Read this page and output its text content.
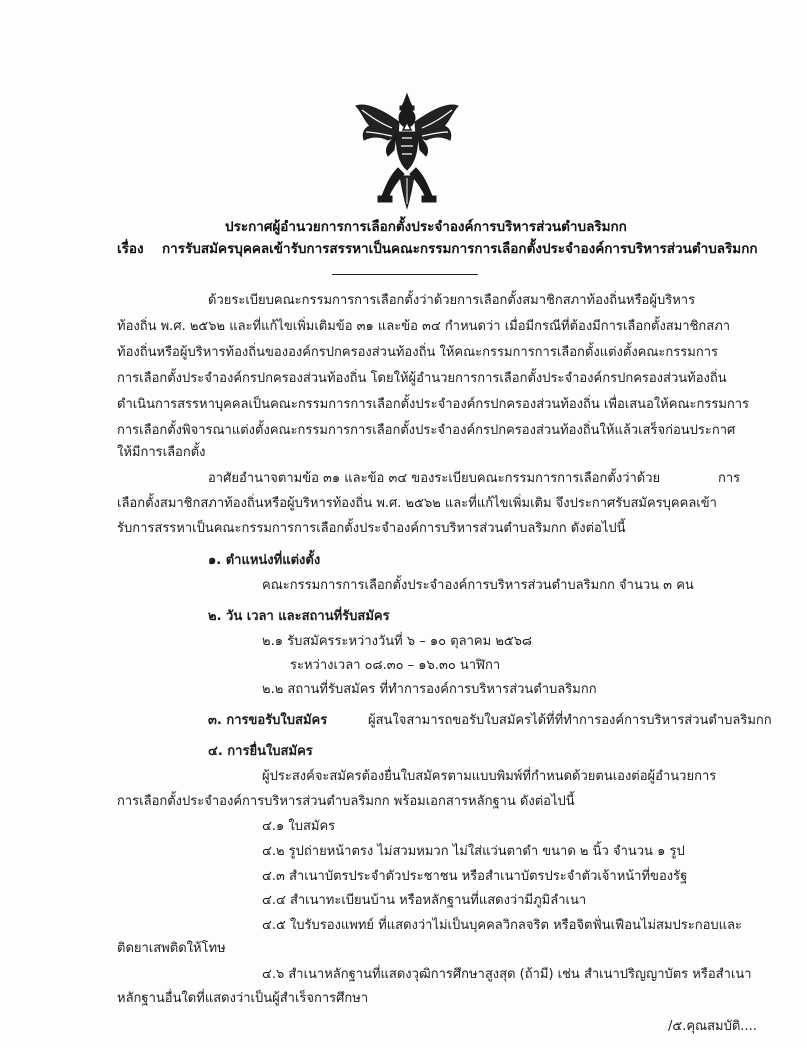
ประกาศผู้อำนวยการการเลือกตั้งประจำองค์การบริหารส่วนตำบลริมกก
เรื่อง การรับสมัครบุคคลเข้ารับการสรรหาเป็นคณะกรรมการการเลือกตั้งประจำองค์การบริหารส่วนตำบลริมกก
ด้วยระเบียบคณะกรรมการการเลือกตั้งว่าด้วยการเลือกตั้งสมาชิกสภาท้องถิ่นหรือผู้บริหาร
ท้องถิ่น พ.ศ. ๒๕๖๒ และที่แก้ไขเพิ่มเติมข้อ ๓๑ และข้อ ๓๔ กำหนดว่า เมื่อมีกรณีที่ต้องมีการเลือกตั้งสมาชิกสภา
ท้องถิ่นหรือผู้บริหารท้องถิ่นขององค์กรปกครองส่วนท้องถิ่น ให้คณะกรรมการการเลือกตั้งแต่งตั้งคณะกรรมการ
การเลือกตั้งประจำองค์กรปกครองส่วนท้องถิ่น โดยให้ผู้อำนวยการการเลือกตั้งประจำองค์กรปกครองส่วนท้องถิ่น
ดำเนินการสรรหาบุคคลเป็นคณะกรรมการการเลือกตั้งประจำองค์กรปกครองส่วนท้องถิ่น เพื่อเสนอให้คณะกรรมการ
การเลือกตั้งพิจารณาแต่งตั้งคณะกรรมการการเลือกตั้งประจำองค์กรปกครองส่วนท้องถิ่นให้แล้วเสร็จก่อนประกาศ
ให้มีการเลือกตั้ง
อาศัยอำนาจตามข้อ ๓๑ และข้อ ๓๔ ของระเบียบคณะกรรมการการเลือกตั้งว่าด้วย	การ
เลือกตั้งสมาชิกสภาท้องถิ่นหรือผู้บริหารท้องถิ่น พ.ศ. ๒๕๖๒ และที่แก้ไขเพิ่มเติม จึงประกาศรับสมัครบุคคลเข้า
รับการสรรหาเป็นคณะกรรมการการเลือกตั้งประจำองค์การบริหารส่วนตำบลริมกก ดังต่อไปนี้
๑. ตำแหน่งที่แต่งตั้ง
คณะกรรมการการเลือกตั้งประจำองค์การบริหารส่วนตำบลริมกก จำนวน ๓ คน
๒. วัน เวลา และสถานที่รับสมัคร
๒.๑ รับสมัครระหว่างวันที่ ๖ – ๑๐ ตุลาคม ๒๕๖๘
ระหว่างเวลา ๐๘.๓๐ – ๑๖.๓๐ นาฬิกา
๒.๒ สถานที่รับสมัคร ที่ทำการองค์การบริหารส่วนตำบลริมกก
๓. การขอรับใบสมัคร	ผู้สนใจสามารถขอรับใบสมัครได้ที่ที่ทำการองค์การบริหารส่วนตำบลริมกก
๔. การยื่นใบสมัคร
ผู้ประสงค์จะสมัครต้องยื่นใบสมัครตามแบบพิมพ์ที่กำหนดด้วยตนเองต่อผู้อำนวยการ
การเลือกตั้งประจำองค์การบริหารส่วนตำบลริมกก พร้อมเอกสารหลักฐาน ดังต่อไปนี้
๔.๑ ใบสมัคร
๔.๒ รูปถ่ายหน้าตรง ไม่สวมหมวก ไม่ใส่แว่นตาดำ ขนาด ๒ นิ้ว จำนวน ๑ รูป
๔.๓ สำเนาบัตรประจำตัวประชาชน หรือสำเนาบัตรประจำตัวเจ้าหน้าที่ของรัฐ
๔.๔ สำเนาทะเบียนบ้าน หรือหลักฐานที่แสดงว่ามีภูมิลำเนา
๔.๕ ใบรับรองแพทย์ ที่แสดงว่าไม่เป็นบุคคลวิกลจริต หรือจิตฟั่นเฟือนไม่สมประกอบและ
ติดยาเสพติดให้โทษ
๔.๖ สำเนาหลักฐานที่แสดงวุฒิการศึกษาสูงสุด (ถ้ามี) เช่น สำเนาปริญญาบัตร หรือสำเนา
หลักฐานอื่นใดที่แสดงว่าเป็นผู้สำเร็จการศึกษา
/๕.คุณสมบัติ....
